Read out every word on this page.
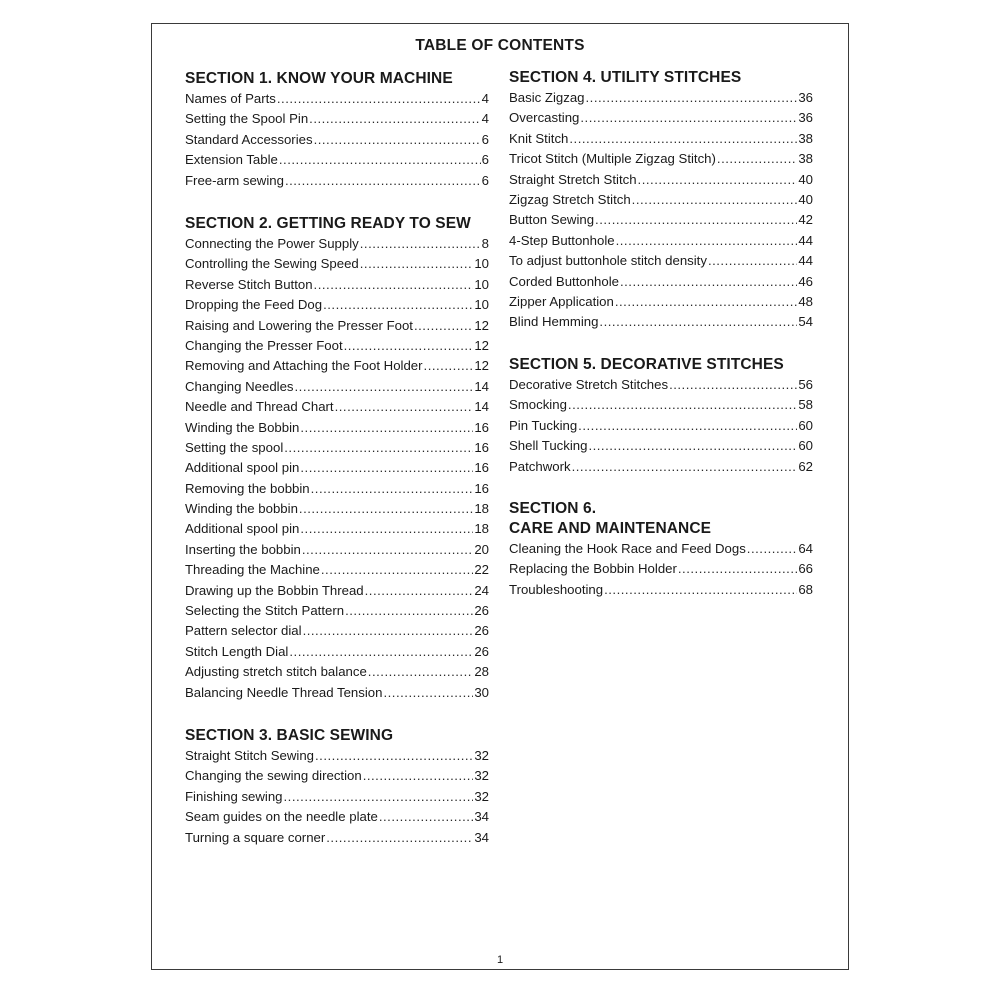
TABLE OF CONTENTS
SECTION 1. KNOW YOUR MACHINE
Names of Parts .....	4
Setting the Spool Pin .....	4
Standard Accessories .....	6
Extension Table .....	6
Free-arm sewing .....	6
SECTION 2. GETTING READY TO SEW
Connecting the Power Supply .....	8
Controlling the Sewing Speed .....	10
Reverse Stitch Button .....	10
Dropping the Feed Dog .....	10
Raising and Lowering the Presser Foot .....	12
Changing the Presser Foot .....	12
Removing and Attaching the Foot Holder .....	12
Changing Needles .....	14
Needle and Thread Chart .....	14
Winding the Bobbin .....	16
Setting the spool .....	16
Additional spool pin .....	16
Removing the bobbin .....	16
Winding the bobbin .....	18
Additional spool pin .....	18
Inserting the bobbin .....	20
Threading the Machine .....	22
Drawing up the Bobbin Thread .....	24
Selecting the Stitch Pattern .....	26
Pattern selector dial .....	26
Stitch Length Dial .....	26
Adjusting stretch stitch balance .....	28
Balancing Needle Thread Tension .....	30
SECTION 3. BASIC SEWING
Straight Stitch Sewing .....	32
Changing the sewing direction .....	32
Finishing sewing .....	32
Seam guides on the needle plate .....	34
Turning a square corner .....	34
SECTION 4. UTILITY STITCHES
Basic Zigzag .....	36
Overcasting .....	36
Knit Stitch .....	38
Tricot Stitch (Multiple Zigzag Stitch) .....	38
Straight Stretch Stitch .....	40
Zigzag Stretch Stitch .....	40
Button Sewing .....	42
4-Step Buttonhole .....	44
To adjust buttonhole stitch density .....	44
Corded Buttonhole .....	46
Zipper Application .....	48
Blind Hemming .....	54
SECTION 5. DECORATIVE STITCHES
Decorative Stretch Stitches .....	56
Smocking .....	58
Pin Tucking .....	60
Shell Tucking .....	60
Patchwork .....	62
SECTION 6.
CARE AND MAINTENANCE
Cleaning the Hook Race and Feed Dogs .....	64
Replacing the Bobbin Holder .....	66
Troubleshooting .....	68
1
